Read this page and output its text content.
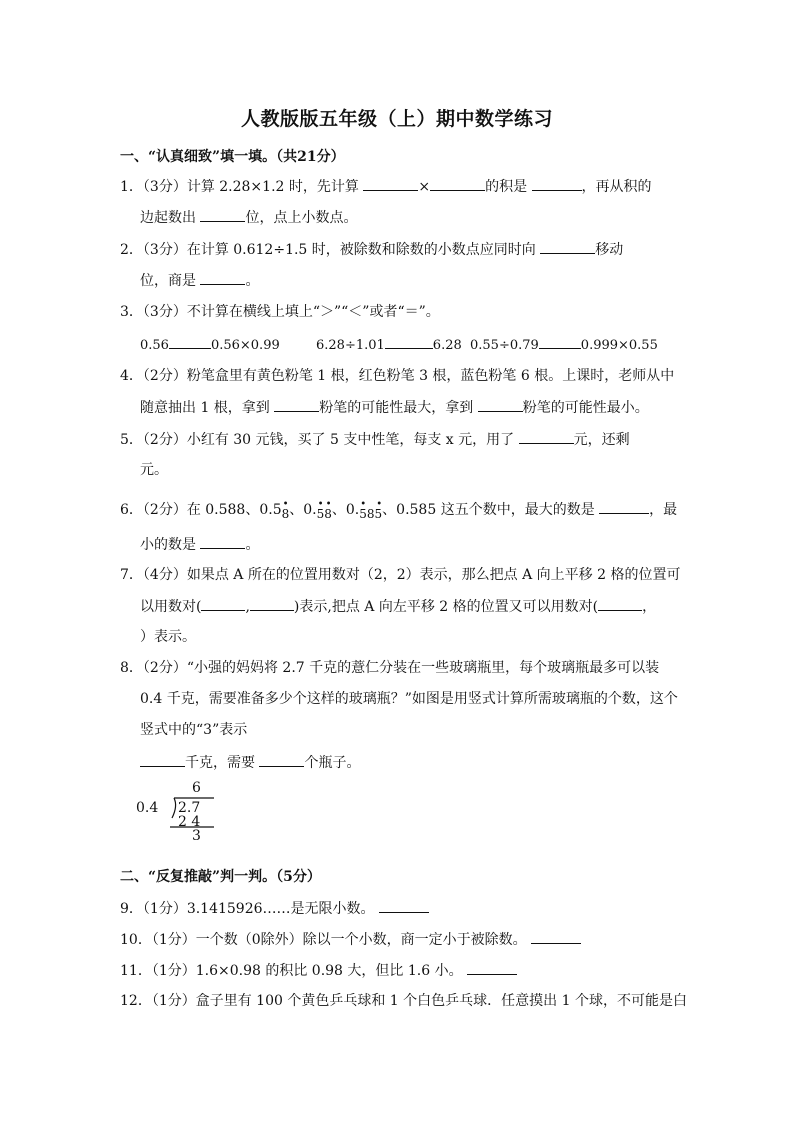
人教版版五年级（上）期中数学练习
一、“认真细致”填一填。（共21分）
1．（3分）计算 2.28×1.2 时，先计算	×	的积是	，再从积的
边起数出	位，点上小数点。
2．（3分）在计算 0.612÷1.5 时，被除数和除数的小数点应同时向	移动
位，商是	。
3．（3分）不计算在横线上填上“＞”“＜”或者“＝”。
0.56	0.56×0.99	6.28÷1.01	6.28 0.55÷0.79	0.999×0.55
4．（2分）粉笔盒里有黄色粉笔 1 根，红色粉笔 3 根，蓝色粉笔 6 根。上课时，老师从中
随意抽出 1 根，拿到	粉笔的可能性最大，拿到	粉笔的可能性最小。
5．（2分）小红有 30 元钱，买了 5 支中性笔，每支 x 元，用了	元，还剩
元。
6．（2分）在 0.588、0.5 •
8、0. • •
58、0. • •
585、0.585 这五个数中，最大的数是	，最
小的数是	。
7．（4分）如果点 A 所在的位置用数对（2，2）表示，那么把点 A 向上平移 2 格的位置可
以用数对(	,	)表示,把点 A 向左平移 2 格的位置又可以用数对(	，
）表示。
8．（2分）“小强的妈妈将 2.7 千克的薏仁分装在一些玻璃瓶里，每个玻璃瓶最多可以装
0.4 千克，需要准备多少个这样的玻璃瓶？”如图是用竖式计算所需玻璃瓶的个数，这个
竖式中的“3”表示
千克，需要	个瓶子。
6
0.4 2.7
2 4
3
二、“反复推敲”判一判。（5分）
9．（1分）3.1415926……是无限小数。
10．（1分）一个数（0除外）除以一个小数，商一定小于被除数。
11．（1分）1.6×0.98 的积比 0.98 大，但比 1.6 小。
12．（1分）盒子里有 100 个黄色乒乓球和 1 个白色乒乓球．任意摸出 1 个球，不可能是白
